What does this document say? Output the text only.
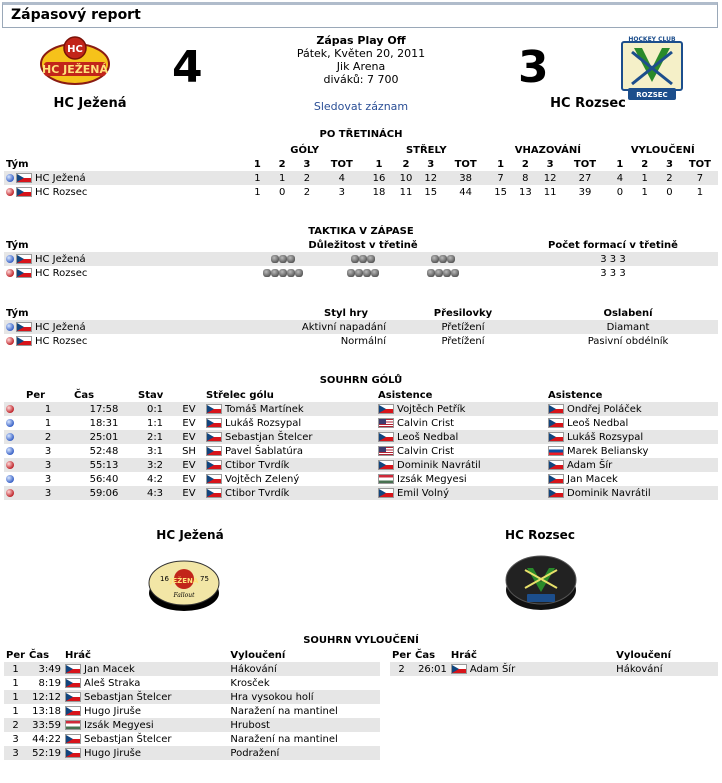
Zápasový report
HC
HC JEŽENÁ 4
Zápas Play Off
Pátek, Květen 20, 2011
Jik Arena
diváků: 7 700
Sledovat záznam
3
HOCKEY CLUB
ROZSEC
HC Ježená	HC Rozsec
PO TŘETINÁCH
	GÓLY				STŘELY				VHAZOVÁNÍ				VYLOUČENÍ			
Tým	1	2	3	TOT	1	2	3	TOT	1	2	3	TOT	1	2	3	TOT
HC Ježená	1	1	2	4	16	10	12	38	7	8	12	27	4	1	2	7
HC Rozsec	1	0	2	3	18	11	15	44	15	13	11	39	0	1	0	1
TAKTIKA V ZÁPASE
Tým	Důležitost v třetině	Počet formací v třetině
HC Ježená		3 3 3
HC Rozsec		3 3 3
Tým	Styl hry	Přesilovky	Oslabení
HC Ježená	Aktivní napadání	Přetížení	Diamant
HC Rozsec	Normální	Přetížení	Pasivní obdélník
SOUHRN GÓLŮ
	Per	Čas	Stav		Střelec gólu	Asistence	Asistence
	1	17:58	0:1	EV	Tomáš Martínek	Vojtěch Petřík	Ondřej Poláček
	1	18:31	1:1	EV	Lukáš Rozsypal	Calvin Crist	Leoš Nedbal
	2	25:01	2:1	EV	Sebastjan Štelcer	Leoš Nedbal	Lukáš Rozsypal
	3	52:48	3:1	SH	Pavel Šablatúra	Calvin Crist	Marek Beliansky
	3	55:13	3:2	EV	Ctibor Tvrdík	Dominik Navrátil	Adam Šír
	3	56:40	4:2	EV	Vojtěch Zelený	Izsák Megyesi	Jan Macek
	3	59:06	4:3	EV	Ctibor Tvrdík	Emil Volný	Dominik Navrátil
HC Ježená	HC Rozsec
JEŽENÁ
16	75
Fallout
SOUHRN VYLOUČENÍ
Per	Čas	Hráč	Vyloučení
1	3:49	Jan Macek	Hákování
1	8:19	Aleš Straka	Krosček
1	12:12	Sebastjan Štelcer	Hra vysokou holí
1	13:18	Hugo Jiruše	Naražení na mantinel
2	33:59	Izsák Megyesi	Hrubost
3	44:22	Sebastjan Štelcer	Naražení na mantinel
3	52:19	Hugo Jiruše	Podražení
Per	Čas	Hráč	Vyloučení
2	26:01	Adam Šír	Hákování
